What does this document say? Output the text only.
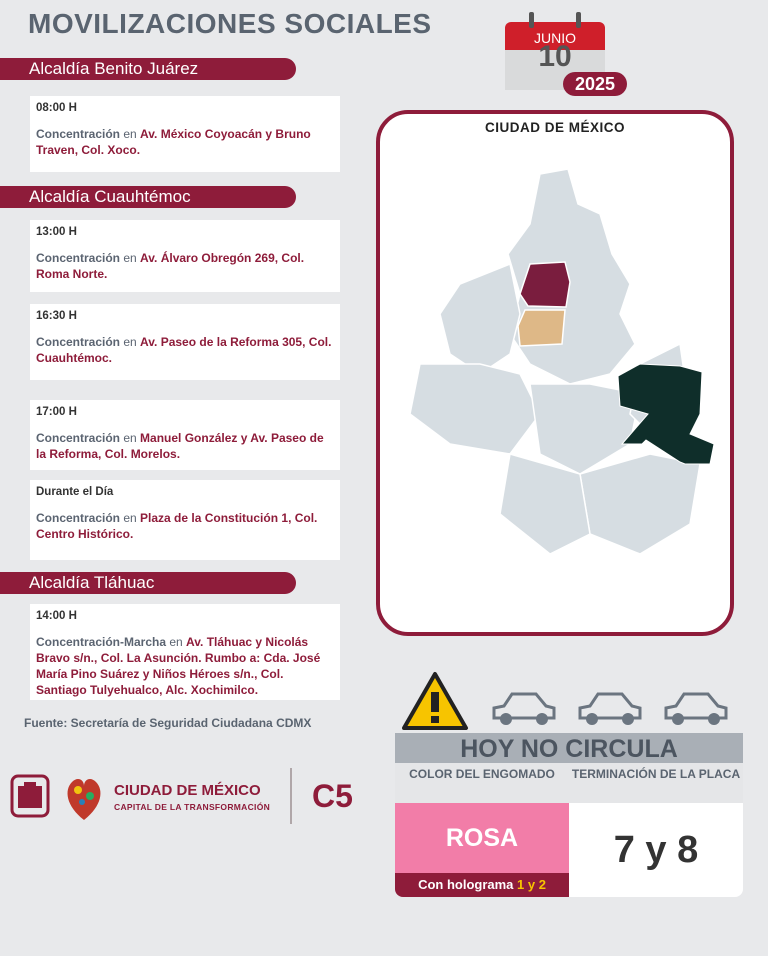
MOVILIZACIONES SOCIALES	JUNIO
10
2025
Alcaldía Benito Juárez
08:00 H
Concentración en Av. México Coyoacán y Bruno Traven, Col. Xoco.
Alcaldía Cuauhtémoc
13:00 H
Concentración en Av. Álvaro Obregón 269, Col. Roma Norte.
16:30 H
Concentración en Av. Paseo de la Reforma 305, Col. Cuauhtémoc.
17:00 H
Concentración en Manuel González y Av. Paseo de la Reforma, Col. Morelos.
Durante el Día
Concentración en Plaza de la Constitución 1, Col. Centro Histórico.
Alcaldía Tláhuac
14:00 H
Concentración-Marcha en Av. Tláhuac y Nicolás Bravo s/n., Col. La Asunción. Rumbo a: Cda. José María Pino Suárez y Niños Héroes s/n., Col. Santiago Tulyehualco, Alc. Xochimilco.
Fuente: Secretaría de Seguridad Ciudadana CDMX
CIUDAD DE MÉXICO
CAPITAL DE LA TRANSFORMACIÓN C5
CIUDAD DE MÉXICO
HOY NO CIRCULA
COLOR DEL ENGOMADO	TERMINACIÓN DE LA PLACA
ROSA
Con holograma 1 y 2
7 y 8
